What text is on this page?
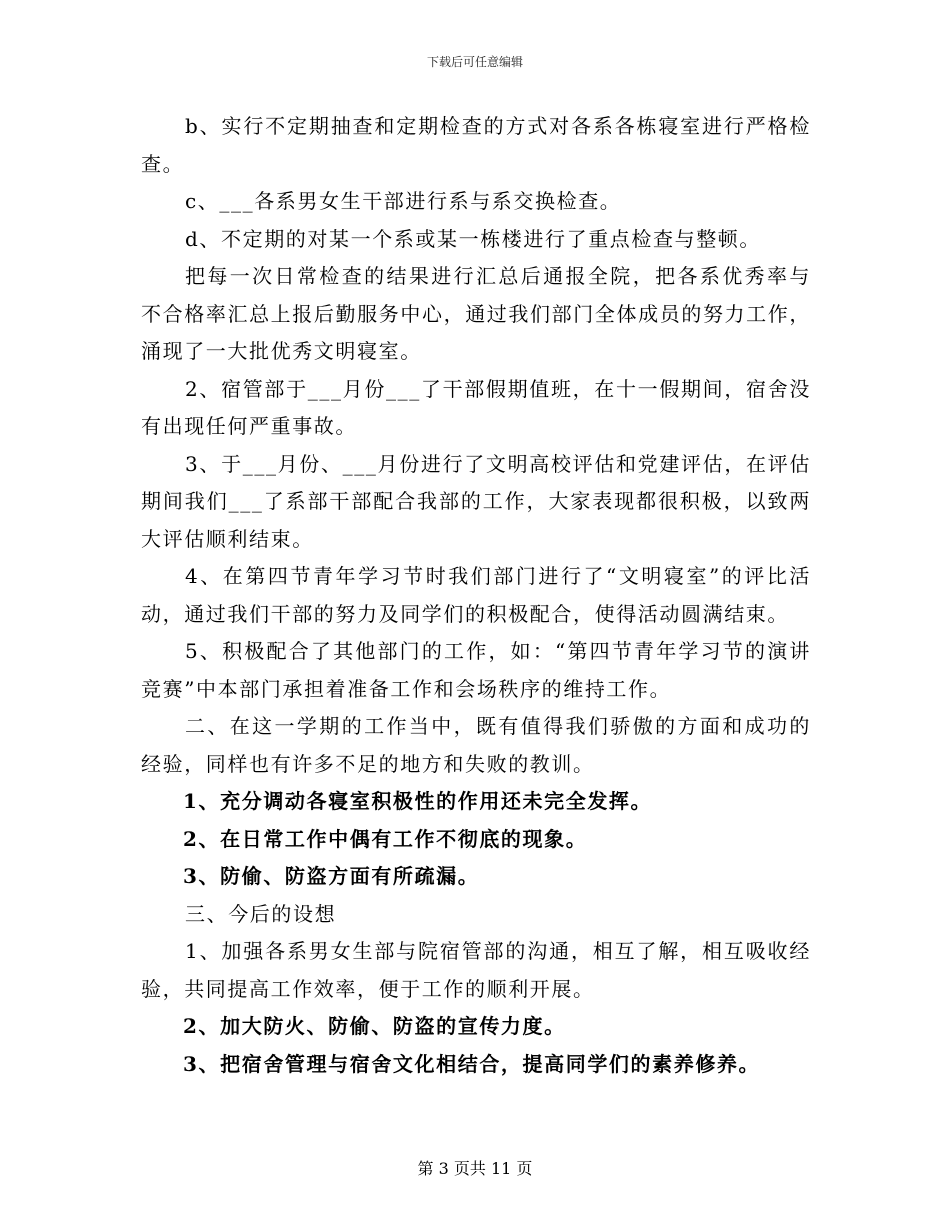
下载后可任意编辑

b、实行不定期抽查和定期检查的方式对各系各栋寝室进行严格检查。

c、___各系男女生干部进行系与系交换检查。

d、不定期的对某一个系或某一栋楼进行了重点检查与整顿。

把每一次日常检查的结果进行汇总后通报全院，把各系优秀率与不合格率汇总上报后勤服务中心，通过我们部门全体成员的努力工作，涌现了一大批优秀文明寝室。

2、宿管部于___月份___了干部假期值班，在十一假期间，宿舍没有出现任何严重事故。

3、于___月份、___月份进行了文明高校评估和党建评估，在评估期间我们___了系部干部配合我部的工作，大家表现都很积极，以致两大评估顺利结束。

4、在第四节青年学习节时我们部门进行了“文明寝室”的评比活动，通过我们干部的努力及同学们的积极配合，使得活动圆满结束。

5、积极配合了其他部门的工作，如：“第四节青年学习节的演讲竞赛”中本部门承担着准备工作和会场秩序的维持工作。

二、在这一学期的工作当中，既有值得我们骄傲的方面和成功的经验，同样也有许多不足的地方和失败的教训。

1、充分调动各寝室积极性的作用还未完全发挥。

2、在日常工作中偶有工作不彻底的现象。

3、防偷、防盗方面有所疏漏。

三、今后的设想

1、加强各系男女生部与院宿管部的沟通，相互了解，相互吸收经验，共同提高工作效率，便于工作的顺利开展。

2、加大防火、防偷、防盗的宣传力度。

3、把宿舍管理与宿舍文化相结合，提高同学们的素养修养。

第 3 页共 11 页
